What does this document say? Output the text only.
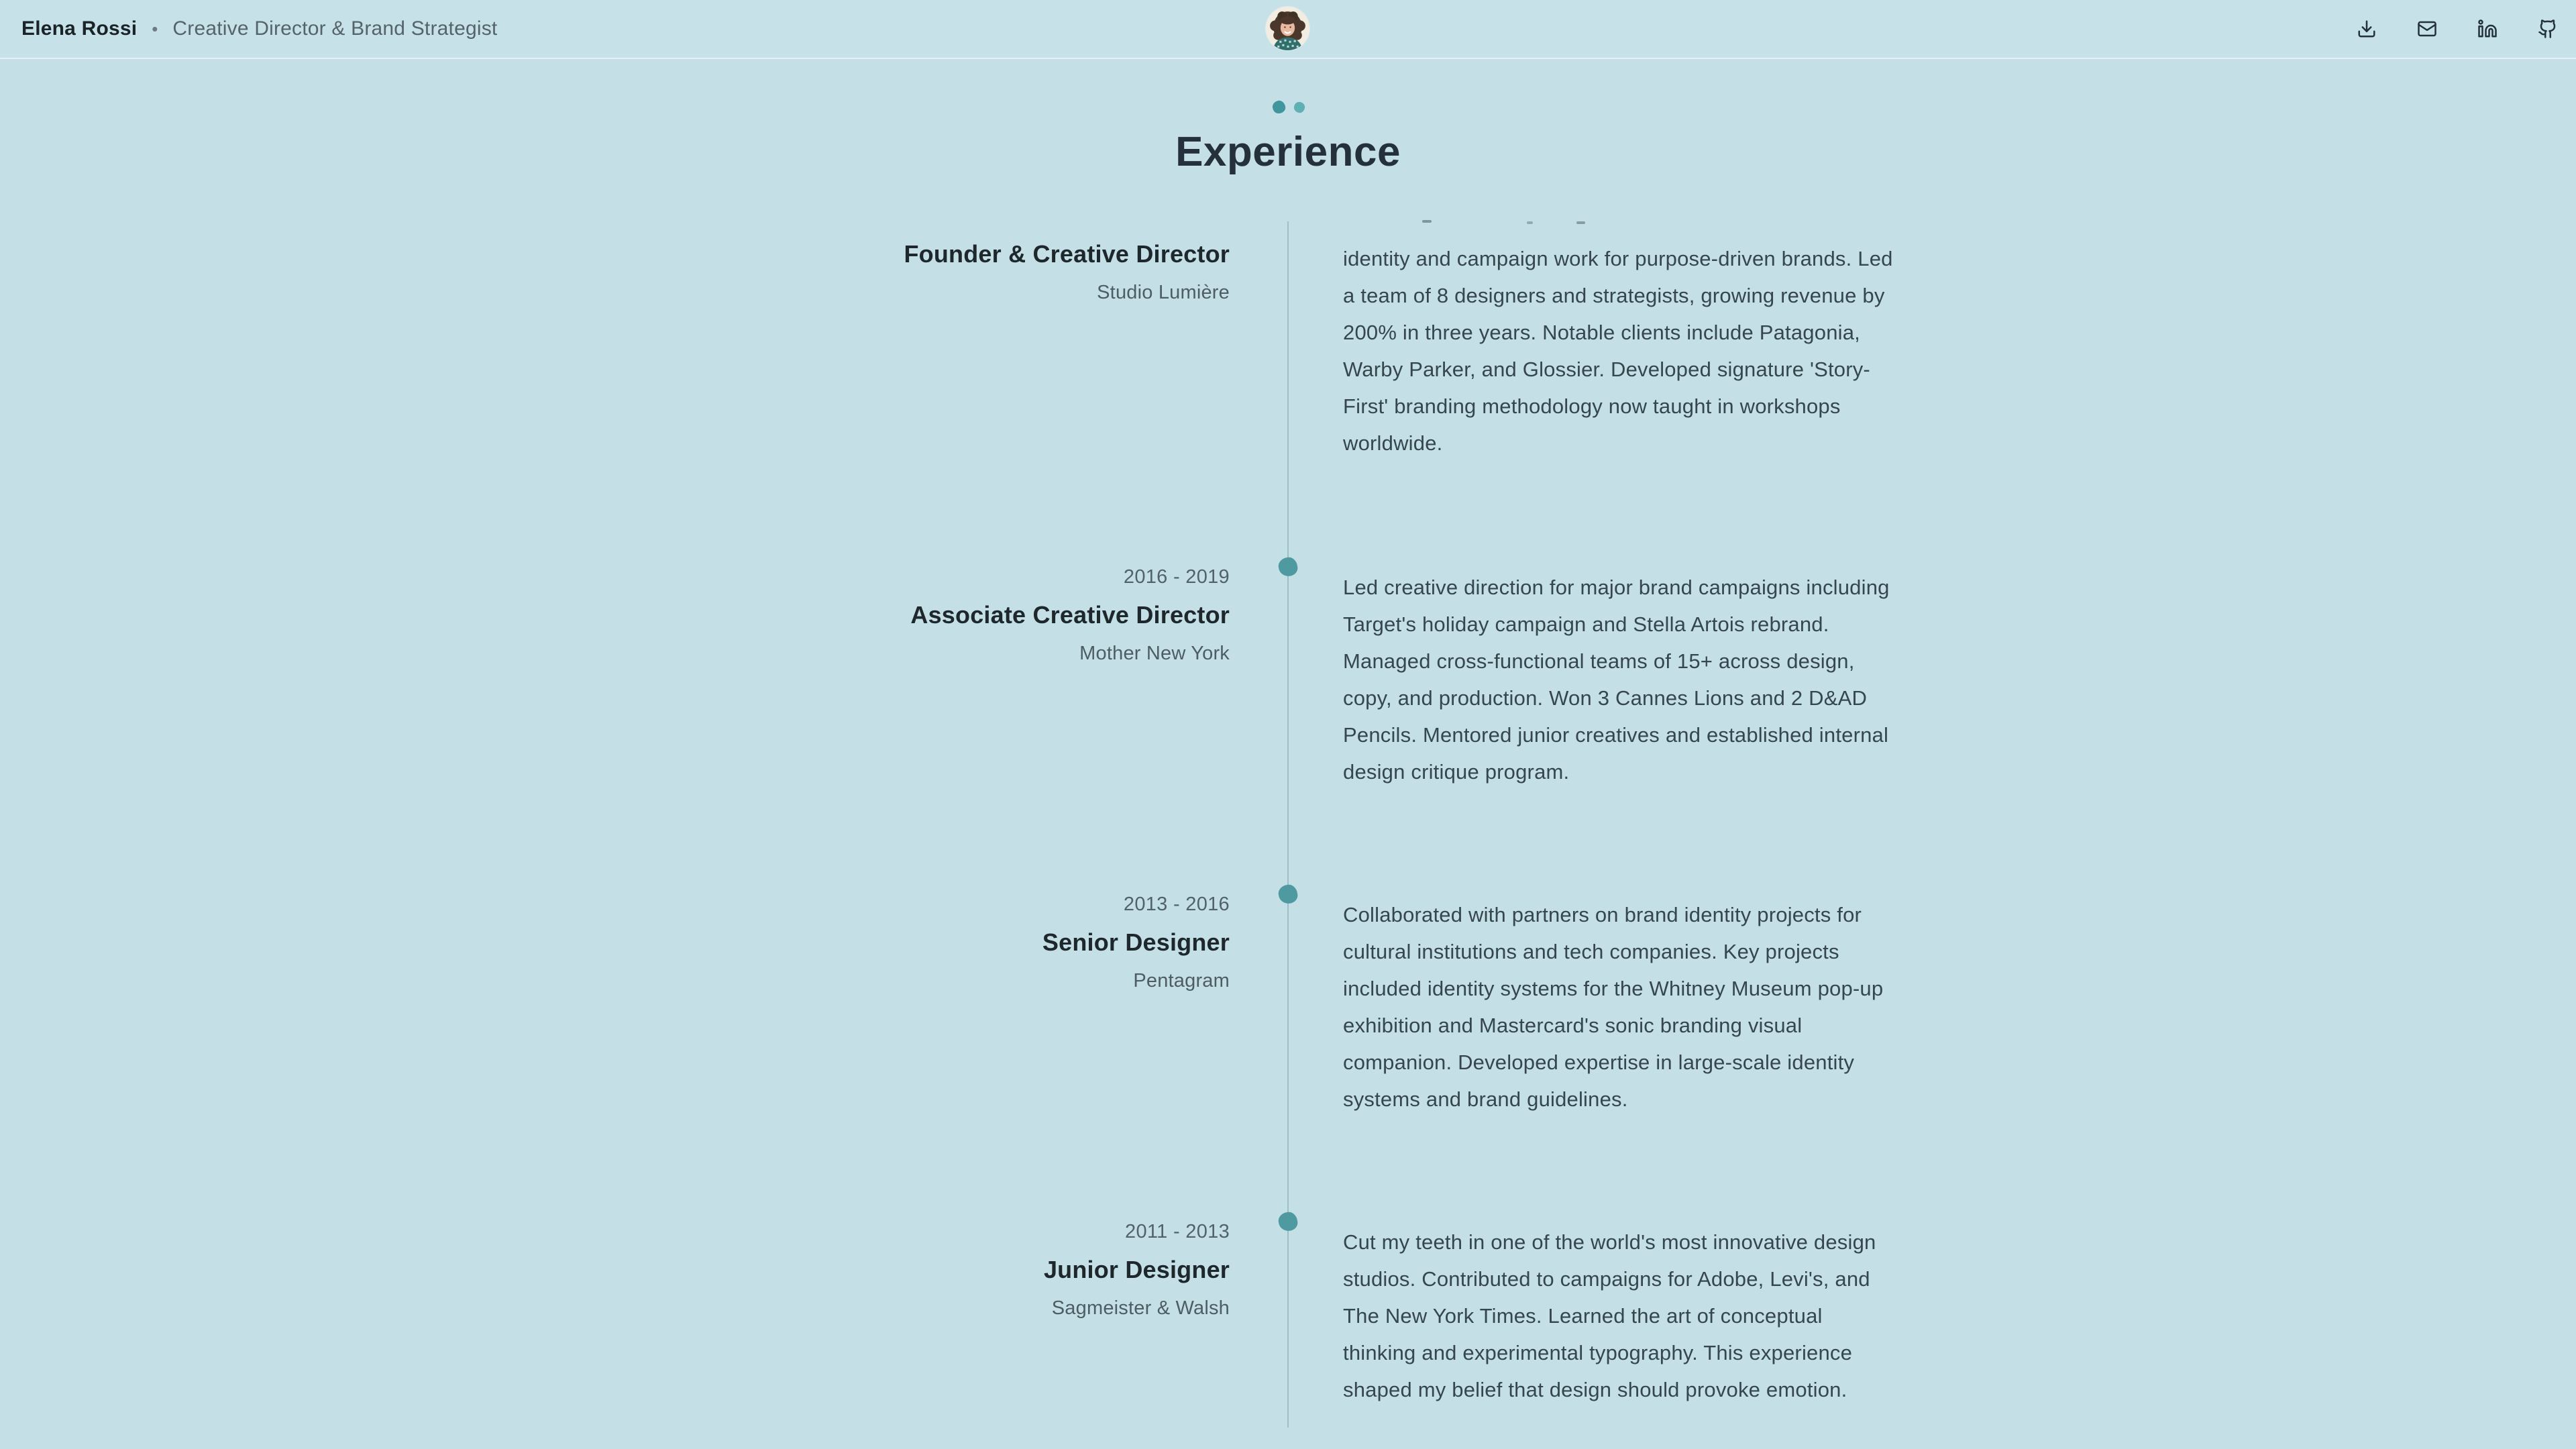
Elena Rossi • Creative Director & Brand Strategist
Experience
Founder & Creative Director
Studio Lumière

identity and campaign work for purpose-driven brands. Led a team of 8 designers and strategists, growing revenue by 200% in three years. Notable clients include Patagonia, Warby Parker, and Glossier. Developed signature 'Story-First' branding methodology now taught in workshops worldwide.

2016 - 2019
Associate Creative Director
Mother New York

Led creative direction for major brand campaigns including Target's holiday campaign and Stella Artois rebrand. Managed cross-functional teams of 15+ across design, copy, and production. Won 3 Cannes Lions and 2 D&AD Pencils. Mentored junior creatives and established internal design critique program.

2013 - 2016
Senior Designer
Pentagram

Collaborated with partners on brand identity projects for cultural institutions and tech companies. Key projects included identity systems for the Whitney Museum pop-up exhibition and Mastercard's sonic branding visual companion. Developed expertise in large-scale identity systems and brand guidelines.

2011 - 2013
Junior Designer
Sagmeister & Walsh

Cut my teeth in one of the world's most innovative design studios. Contributed to campaigns for Adobe, Levi's, and The New York Times. Learned the art of conceptual thinking and experimental typography. This experience shaped my belief that design should provoke emotion.
